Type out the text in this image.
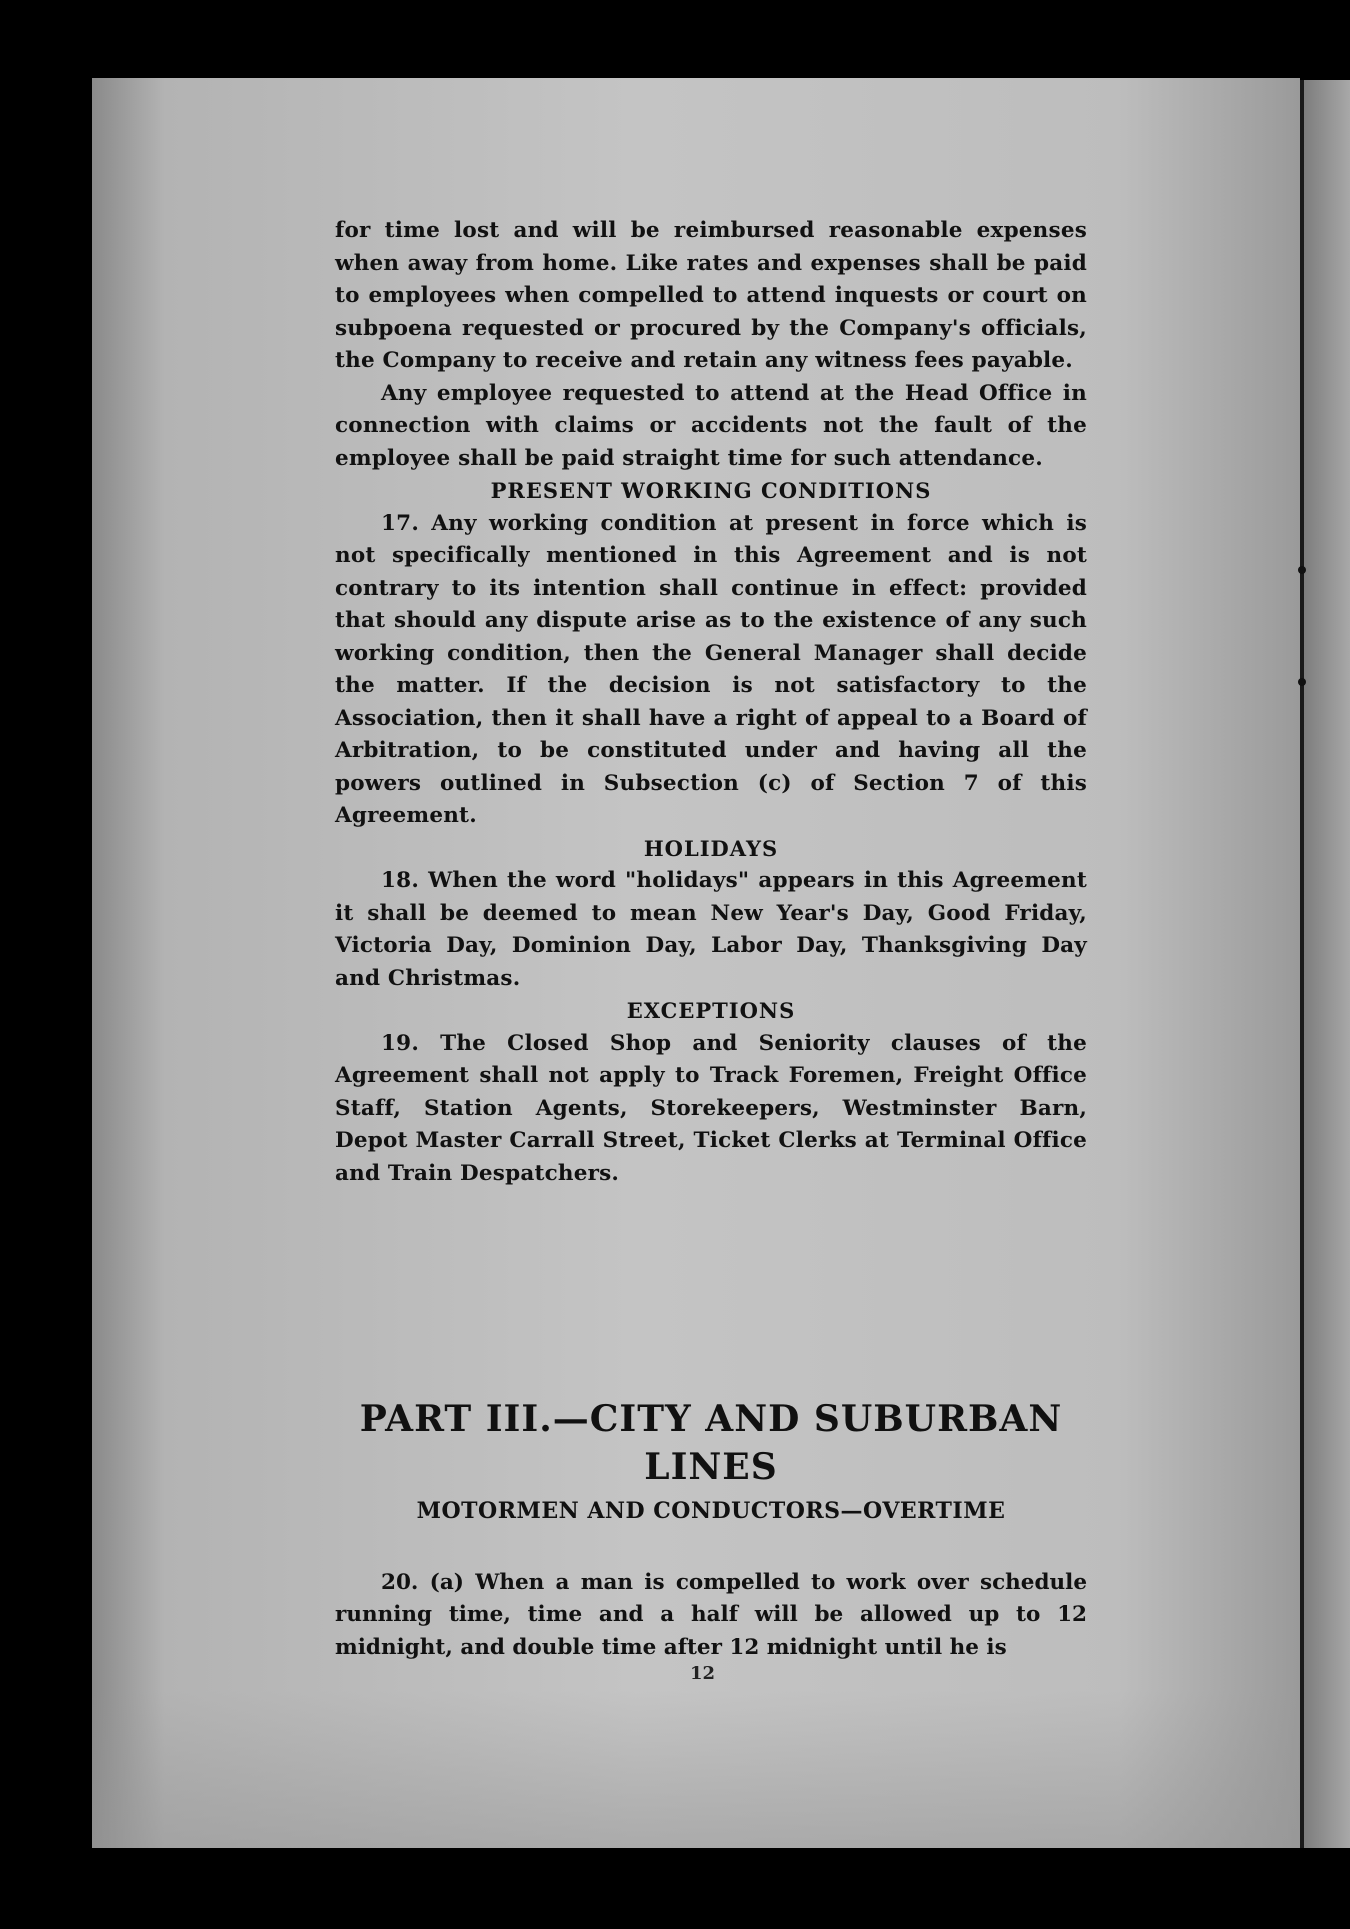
for time lost and will be reimbursed reasonable expenses when away from home. Like rates and expenses shall be paid to employees when compelled to attend inquests or court on subpoena requested or procured by the Company's officials, the Company to receive and retain any witness fees payable.

Any employee requested to attend at the Head Office in connection with claims or accidents not the fault of the employee shall be paid straight time for such attendance.

PRESENT WORKING CONDITIONS

17. Any working condition at present in force which is not specifically mentioned in this Agreement and is not contrary to its intention shall continue in effect: provided that should any dispute arise as to the existence of any such working condition, then the General Manager shall decide the matter. If the decision is not satisfactory to the Association, then it shall have a right of appeal to a Board of Arbitration, to be constituted under and having all the powers outlined in Subsection (c) of Section 7 of this Agreement.

HOLIDAYS

18. When the word "holidays" appears in this Agreement it shall be deemed to mean New Year's Day, Good Friday, Victoria Day, Dominion Day, Labor Day, Thanksgiving Day and Christmas.

EXCEPTIONS

19. The Closed Shop and Seniority clauses of the Agreement shall not apply to Track Foremen, Freight Office Staff, Station Agents, Storekeepers, Westminster Barn, Depot Master Carrall Street, Ticket Clerks at Terminal Office and Train Despatchers.

PART III.—CITY AND SUBURBAN LINES
MOTORMEN AND CONDUCTORS—OVERTIME

20. (a) When a man is compelled to work over schedule running time, time and a half will be allowed up to 12 midnight, and double time after 12 midnight until he is

12
